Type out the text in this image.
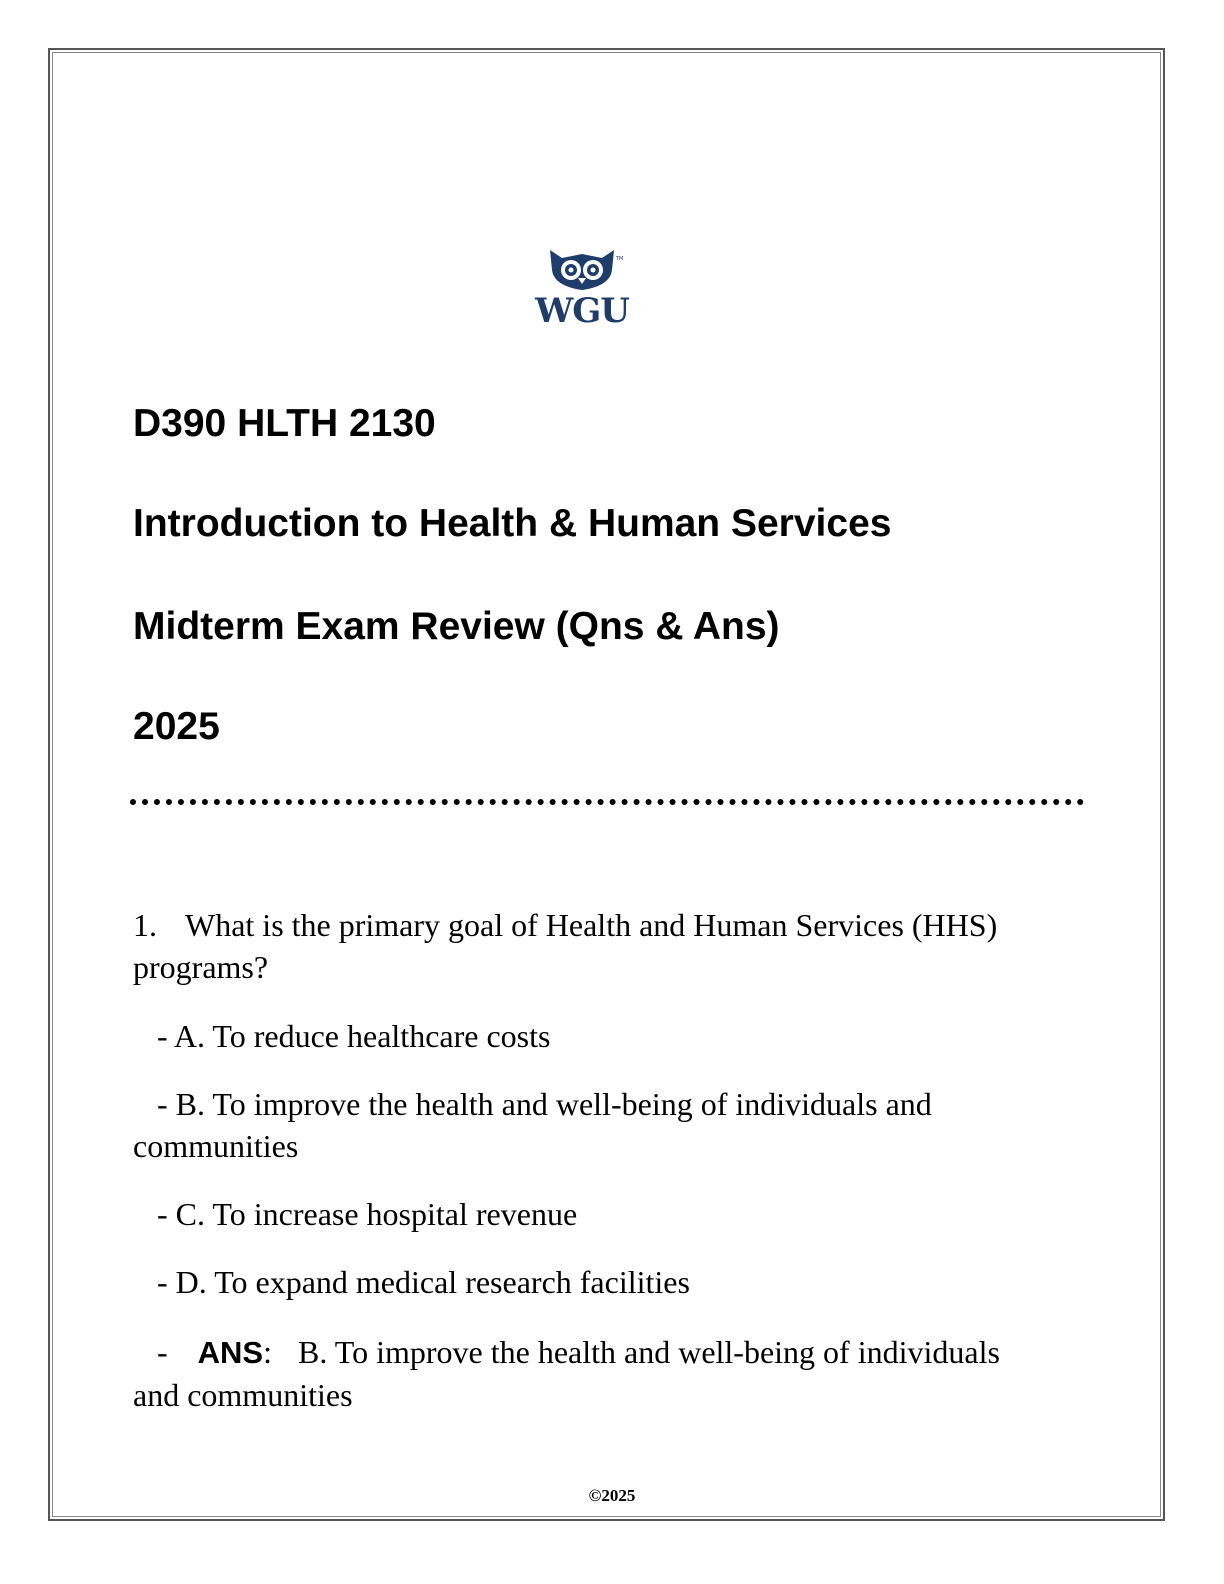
TM
WGU
D390 HLTH 2130
Introduction to Health & Human Services
Midterm Exam Review (Qns & Ans)
2025
1. What is the primary goal of Health and Human Services (HHS) programs?
- A. To reduce healthcare costs
- B. To improve the health and well-being of individuals and communities
- C. To increase hospital revenue
- D. To expand medical research facilities
- ANS: B. To improve the health and well-being of individuals and communities
©2025
